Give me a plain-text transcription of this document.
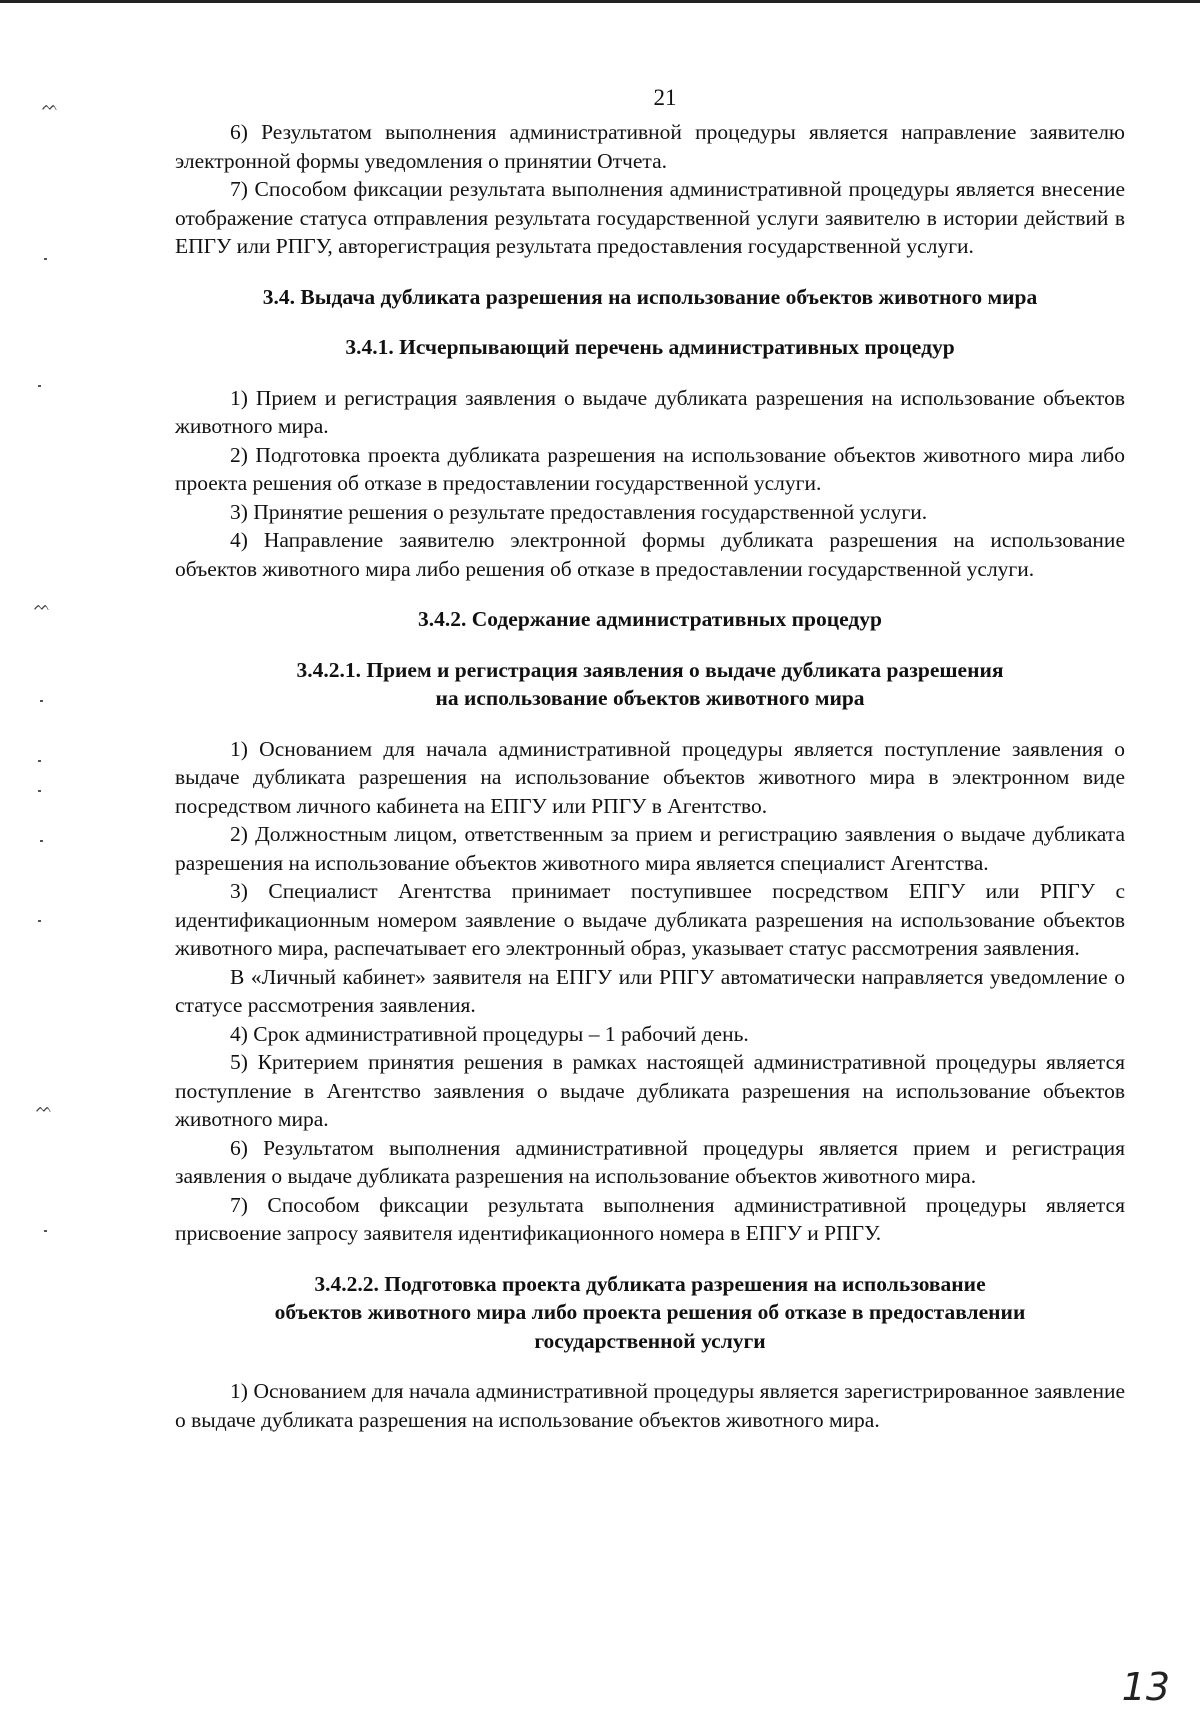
ᨓ
ᨓ
ᨓ
21

6) Результатом выполнения административной процедуры является направление заявителю электронной формы уведомления о принятии Отчета.

7) Способом фиксации результата выполнения административной процедуры является внесение отображение статуса отправления результата государственной услуги заявителю в истории действий в ЕПГУ или РПГУ, авторегистрация результата предоставления государственной услуги.

3.4. Выдача дубликата разрешения на использование объектов животного мира

3.4.1. Исчерпывающий перечень административных процедур

1) Прием и регистрация заявления о выдаче дубликата разрешения на использование объектов животного мира.

2) Подготовка проекта дубликата разрешения на использование объектов животного мира либо проекта решения об отказе в предоставлении государственной услуги.

3) Принятие решения о результате предоставления государственной услуги.

4) Направление заявителю электронной формы дубликата разрешения на использование объектов животного мира либо решения об отказе в предоставлении государственной услуги.

3.4.2. Содержание административных процедур

3.4.2.1. Прием и регистрация заявления о выдаче дубликата разрешения
на использование объектов животного мира

1) Основанием для начала административной процедуры является поступление заявления о выдаче дубликата разрешения на использование объектов животного мира в электронном виде посредством личного кабинета на ЕПГУ или РПГУ в Агентство.

2) Должностным лицом, ответственным за прием и регистрацию заявления о выдаче дубликата разрешения на использование объектов животного мира является специалист Агентства.

3) Специалист Агентства принимает поступившее посредством ЕПГУ или РПГУ с идентификационным номером заявление о выдаче дубликата разрешения на использование объектов животного мира, распечатывает его электронный образ, указывает статус рассмотрения заявления.

В «Личный кабинет» заявителя на ЕПГУ или РПГУ автоматически направляется уведомление о статусе рассмотрения заявления.

4) Срок административной процедуры – 1 рабочий день.

5) Критерием принятия решения в рамках настоящей административной процедуры является поступление в Агентство заявления о выдаче дубликата разрешения на использование объектов животного мира.

6) Результатом выполнения административной процедуры является прием и регистрация заявления о выдаче дубликата разрешения на использование объектов животного мира.

7) Способом фиксации результата выполнения административной процедуры является присвоение запросу заявителя идентификационного номера в ЕПГУ и РПГУ.

3.4.2.2. Подготовка проекта дубликата разрешения на использование
объектов животного мира либо проекта решения об отказе в предоставлении
государственной услуги

1) Основанием для начала административной процедуры является зарегистрированное заявление о выдаче дубликата разрешения на использование объектов животного мира.

13
